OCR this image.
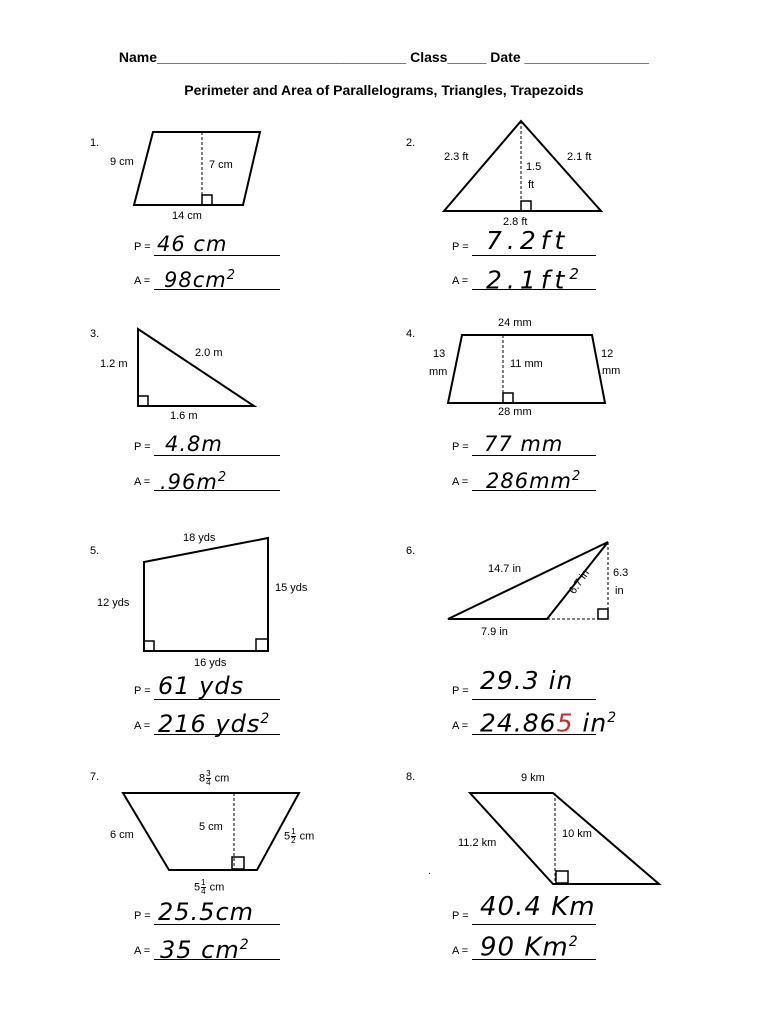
Name________________________________ Class_____ Date ________________
Perimeter and Area of Parallelograms, Triangles, Trapezoids
1.	2.
3.	4.
5.	6.
7.	8.
9 cm	7 cm
14 cm
2.3 ft	2.1 ft
1.5
ft
2.8 ft
1.2 m
2.0 m
1.6 m
24 mm
13
mm
12
mm
11 mm
28 mm
18 yds
12 yds
15 yds
16 yds
14.7 in	6.7 in 6.3
in
7.9 in
$8 \frac{3}{4}$ cm
6 cm
5 cm
$5 \frac{1}{2}$ cm
$5 \frac{1}{4}$ cm
9 km
11.2 km
10 km
.
P = 46 cm
$A = 98cm^2$
P = 7.2ft
$A = 2.1ft^2$
P = 4.8m
$A = .96m^2$
P = 77 mm
$A = 286mm^2$
P = 61 yds
A = 216 yds$^2$
P = 29.3 in
A = 24.865 $in^2$
P = 25.5cm
A = 35 $cm^2$
P = 40.4 Km
A = 90 Km$^2$
